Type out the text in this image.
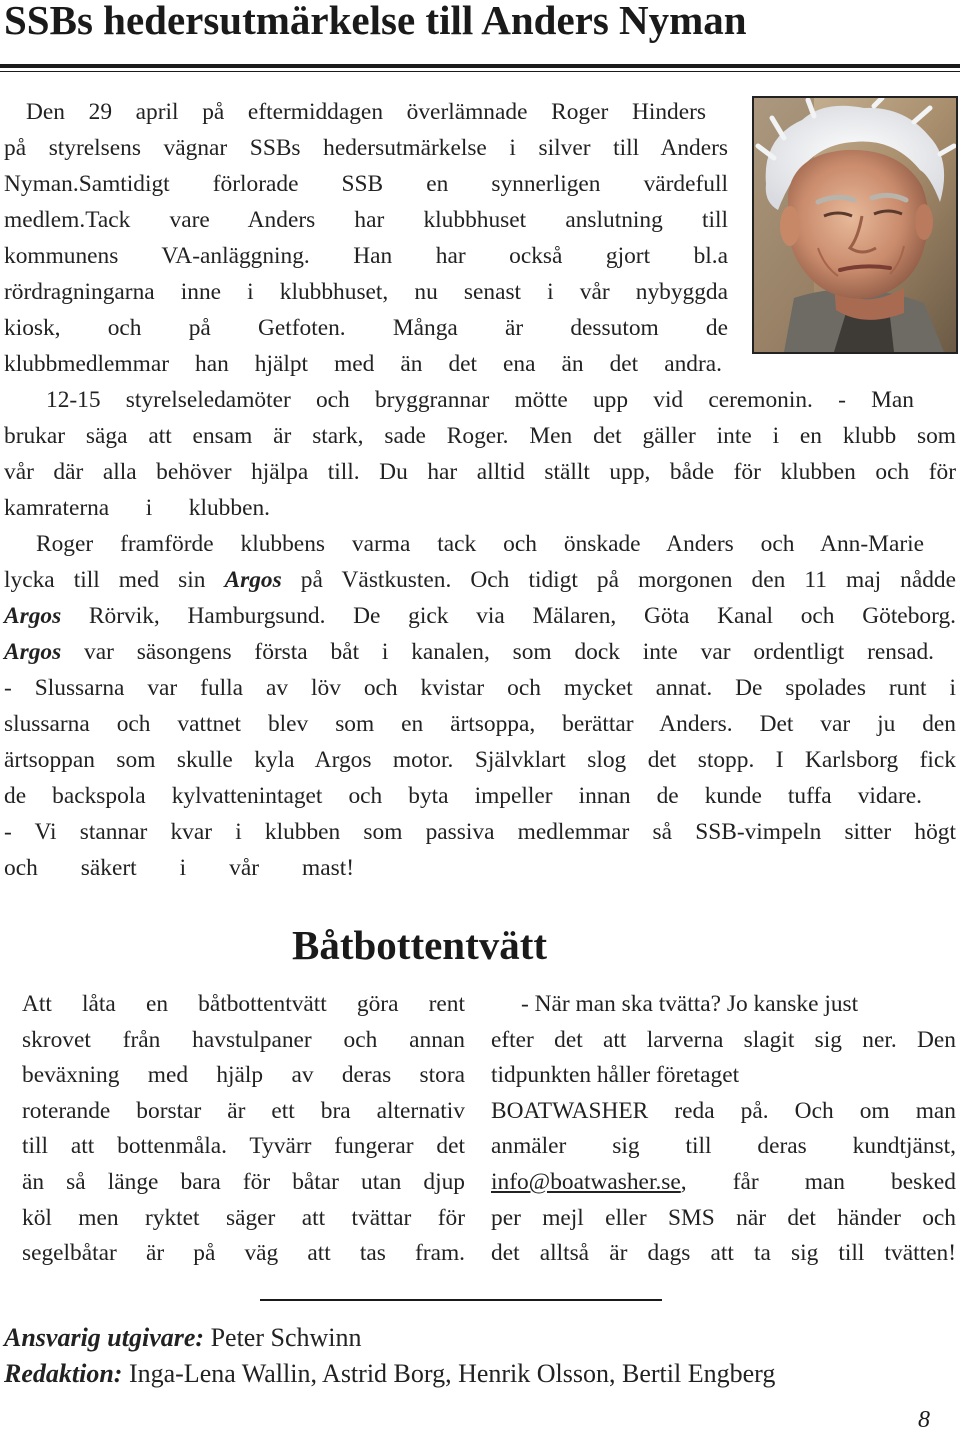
SSBs hedersutmärkelse till Anders Nyman

Den 29 april på eftermiddagen överlämnade Roger Hinders

på styrelsens vägnar SSBs hedersutmärkelse i silver till Anders

Nyman.Samtidigt förlorade SSB en synnerligen värdefull

medlem.Tack vare Anders har klubbhuset anslutning till

kommunens VA-anläggning. Han har också gjort bl.a

rördragningarna inne i klubbhuset, nu senast i vår nybyggda

kiosk, och på Getfoten. Många är dessutom de

klubbmedlemmar han hjälpt med än det ena än det andra.

12-15 styrelseledamöter och bryggrannar mötte upp vid ceremonin. - Man

brukar säga att ensam är stark, sade Roger. Men det gäller inte i en klubb som

vår där alla behöver hjälpa till. Du har alltid ställt upp, både för klubben och för

kamraterna i klubben.

Roger framförde klubbens varma tack och önskade Anders och Ann-Marie

lycka till med sin Argos på Västkusten. Och tidigt på morgonen den 11 maj nådde

Argos Rörvik, Hamburgsund. De gick via Mälaren, Göta Kanal och Göteborg.

Argos var säsongens första båt i kanalen, som dock inte var ordentligt rensad.

- Slussarna var fulla av löv och kvistar och mycket annat. De spolades runt i

slussarna och vattnet blev som en ärtsoppa, berättar Anders. Det var ju den

ärtsoppan som skulle kyla Argos motor. Självklart slog det stopp. I Karlsborg fick

de backspola kylvattenintaget och byta impeller innan de kunde tuffa vidare.

- Vi stannar kvar i klubben som passiva medlemmar så SSB-vimpeln sitter högt

och säkert i vår mast!

Båtbottentvätt

Att låta en båtbottentvätt göra rent

skrovet från havstulpaner och annan

beväxning med hjälp av deras stora

roterande borstar är ett bra alternativ

till att bottenmåla. Tyvärr fungerar det

än så länge bara för båtar utan djup

köl men ryktet säger att tvättar för

segelbåtar är på väg att tas fram.

- När man ska tvätta? Jo kanske just

efter det att larverna slagit sig ner. Den

tidpunkten håller företaget

BOATWASHER reda på. Och om man

anmäler sig till deras kundtjänst,

info@boatwasher.se, får man besked

per mejl eller SMS när det händer och

det alltså är dags att ta sig till tvätten!

Ansvarig utgivare: Peter Schwinn

Redaktion: Inga-Lena Wallin, Astrid Borg, Henrik Olsson, Bertil Engberg

8
